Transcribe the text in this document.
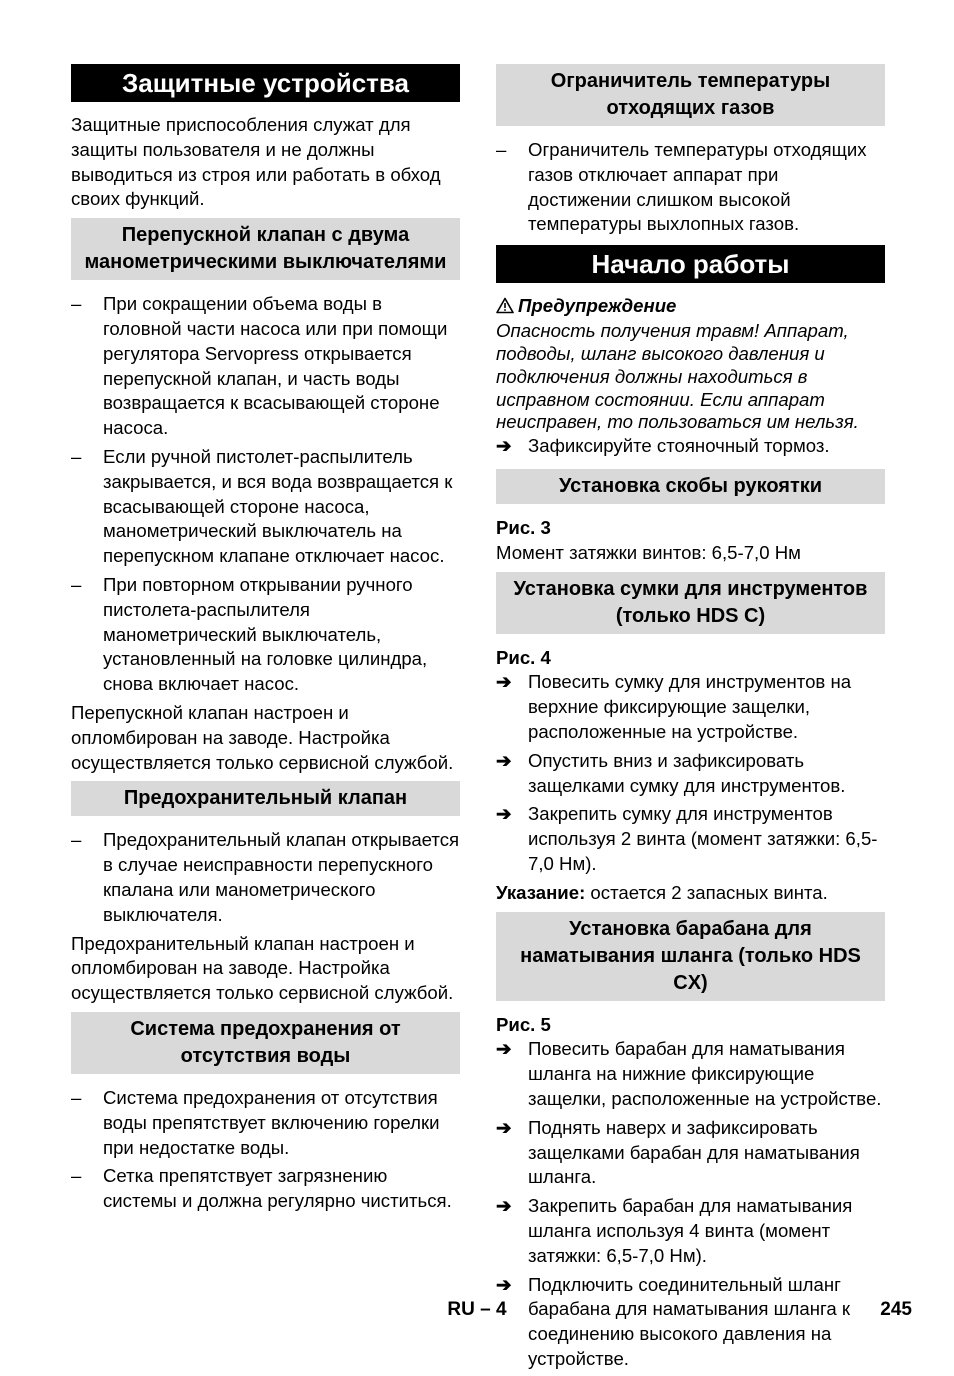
Защитные устройства

Защитные приспособления служат для защиты пользователя и не должны выводиться из строя или работать в обход своих функций.

Перепускной клапан с двума манометрическими выключателями
–	При сокращении объема воды в головной части насоса или при помощи регулятора Servopress открывается перепускной клапан, и часть воды возвращается к всасывающей стороне насоса.
–	Если ручной пистолет-распылитель закрывается, и вся вода возвращается к всасывающей стороне насоса, манометрический выключатель на перепускном клапане отключает насос.
–	При повторном открывании ручного пистолета-распылителя манометрический выключатель, установленный на головке цилиндра, снова включает насос.

Перепускной клапан настроен и опломбирован на заводе. Настройка осуществляется только сервисной службой.

Предохранительный клапан
–	Предохранительный клапан открывается в случае неисправности перепускного кпалана или манометрического выключателя.

Предохранительный клапан настроен и опломбирован на заводе. Настройка осуществляется только сервисной службой.

Система предохранения от отсутствия воды
–	Система предохранения от отсутствия воды препятствует включению горелки при недостатке воды.
–	Сетка препятствует загрязнению системы и должна регулярно чиститься.
Ограничитель температуры отходящих газов
–	Ограничитель температуры отходящих газов отключает аппарат при достижении слишком высокой температуры выхлопных газов.
Начало работы
Предупреждение
Опасность получения травм! Аппарат, подводы, шланг высокого давления и подключения должны находиться в исправном состоянии. Если аппарат неисправен, то пользоваться им нельзя.
➔ Зафиксируйте стояночный тормоз.
Установка скобы рукоятки
Рис. 3

Момент затяжки винтов: 6,5-7,0 Нм

Установка сумки для инструментов (только HDS C)
Рис. 4
➔ Повесить сумку для инструментов на верхние фиксирующие защелки, расположенные на устройстве.
➔ Опустить вниз и зафиксировать защелками сумку для инструментов.
➔ Закрепить сумку для инструментов используя 2 винта (момент затяжки: 6,5-7,0 Нм).

Указание: остается 2 запасных винта.

Установка барабана для наматывания шланга (только HDS CX)
Рис. 5
➔ Повесить барабан для наматывания шланга на нижние фиксирующие защелки, расположенные на устройстве.
➔ Поднять наверх и зафиксировать защелками барабан для наматывания шланга.
➔ Закрепить барабан для наматывания шланга используя 4 винта (момент затяжки: 6,5-7,0 Нм).
➔ Подключить соединительный шланг барабана для наматывания шланга к соединению высокого давления на устройстве.
RU – 4	245
